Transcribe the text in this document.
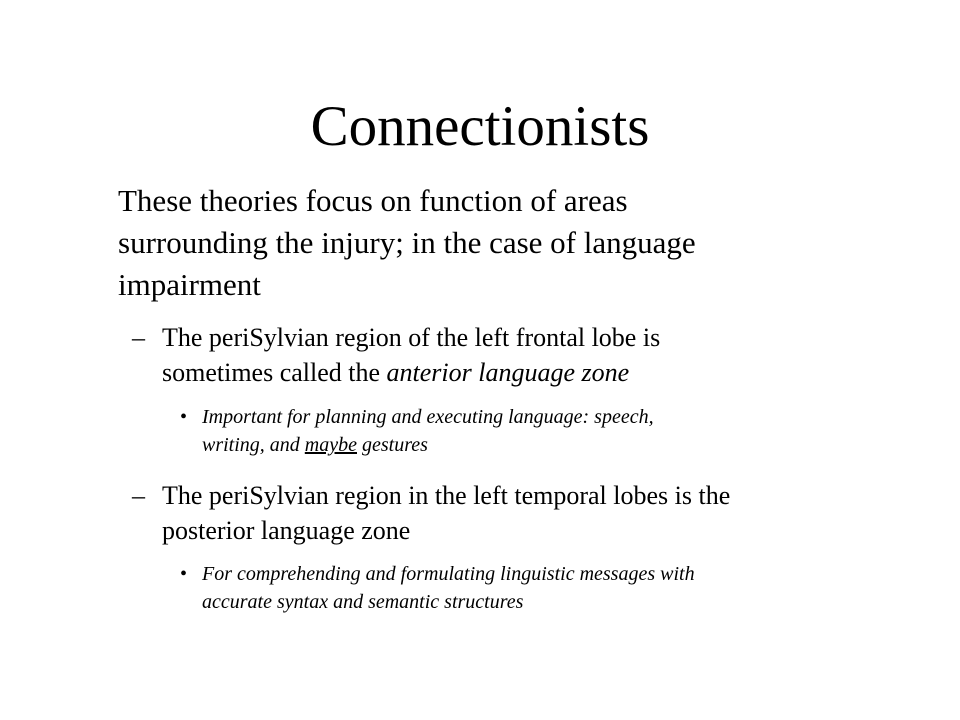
Connectionists

These theories focus on function of areas
surrounding the injury; in the case of language
impairment

– The periSylvian region of the left frontal lobe is
sometimes called the anterior language zone
• Important for planning and executing language: speech,
writing, and maybe gestures
– The periSylvian region in the left temporal lobes is the
posterior language zone
• For comprehending and formulating linguistic messages with
accurate syntax and semantic structures
